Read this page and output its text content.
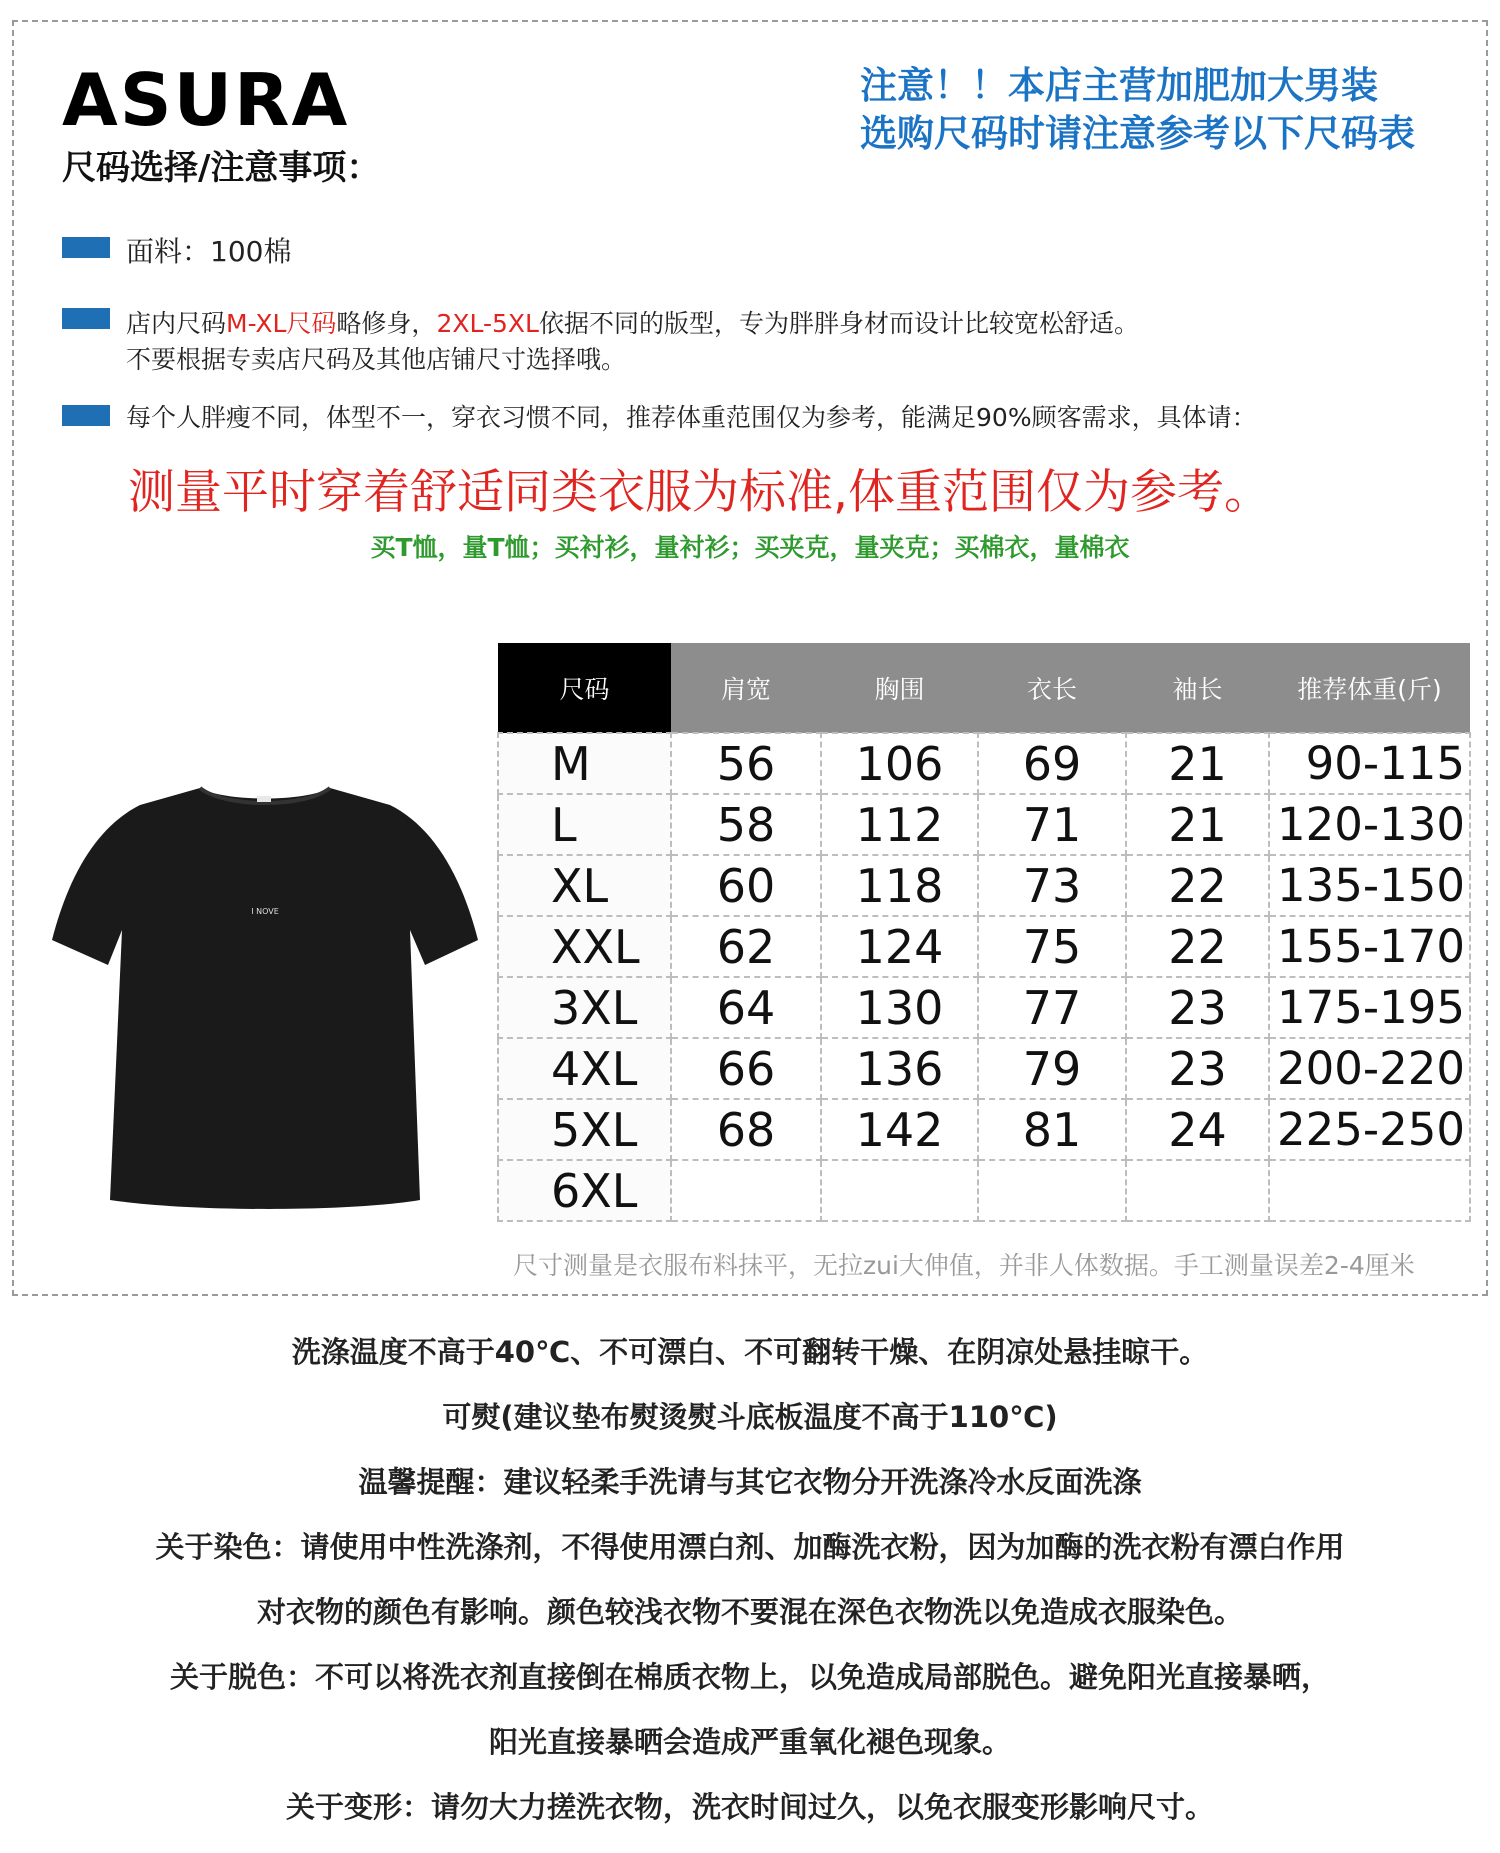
ASURA
尺码选择/注意事项：
注意！！本店主营加肥加大男装
选购尺码时请注意参考以下尺码表
面料：100棉
店内尺码M-XL尺码略修身，2XL-5XL依据不同的版型，专为胖胖身材而设计比较宽松舒适。
不要根据专卖店尺码及其他店铺尺寸选择哦。
每个人胖瘦不同，体型不一，穿衣习惯不同，推荐体重范围仅为参考，能满足90%顾客需求，具体请：
测量平时穿着舒适同类衣服为标准,体重范围仅为参考。
买T恤，量T恤；买衬衫，量衬衫；买夹克，量夹克；买棉衣，量棉衣
I NOVE
尺码	肩宽	胸围	衣长	袖长	推荐体重(斤)
M	56	106	69	21	90-115
L	58	112	71	21	120-130
XL	60	118	73	22	135-150
XXL	62	124	75	22	155-170
3XL	64	130	77	23	175-195
4XL	66	136	79	23	200-220
5XL	68	142	81	24	225-250
6XL					
尺寸测量是衣服布料抹平，无拉zui大伸值，并非人体数据。手工测量误差2-4厘米
洗涤温度不高于40℃、不可漂白、不可翻转干燥、在阴凉处悬挂晾干。
可熨(建议垫布熨烫熨斗底板温度不高于110℃)
温馨提醒：建议轻柔手洗请与其它衣物分开洗涤冷水反面洗涤
关于染色：请使用中性洗涤剂，不得使用漂白剂、加酶洗衣粉，因为加酶的洗衣粉有漂白作用
对衣物的颜色有影响。颜色较浅衣物不要混在深色衣物洗以免造成衣服染色。
关于脱色：不可以将洗衣剂直接倒在棉质衣物上，以免造成局部脱色。避免阳光直接暴晒，
阳光直接暴晒会造成严重氧化褪色现象。
关于变形：请勿大力搓洗衣物，洗衣时间过久，以免衣服变形影响尺寸。
